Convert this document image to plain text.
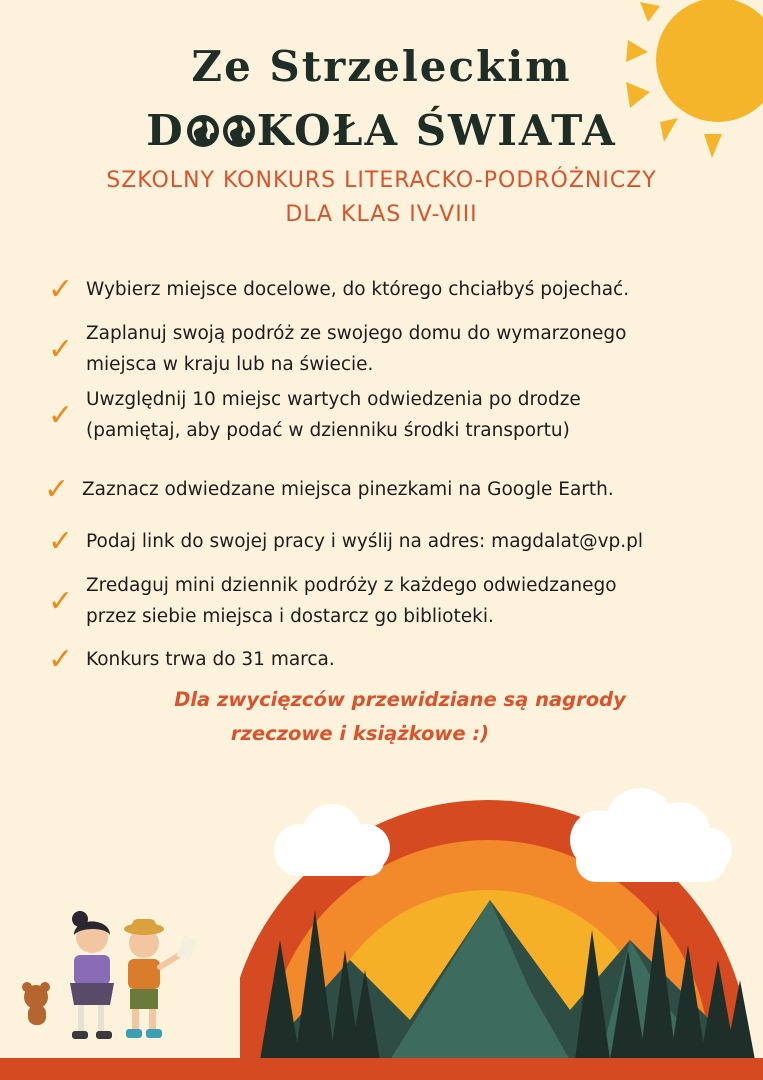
Ze Strzeleckim
D KOŁA ŚWIATA
SZKOLNY KONKURS LITERACKO-PODRÓŻNICZY
DLA KLAS IV-VIII
✓ Wybierz miejsce docelowe, do którego chciałbyś pojechać.
✓ Zaplanuj swoją podróż ze swojego domu do wymarzonego
miejsca w kraju lub na świecie.
✓ Uwzględnij 10 miejsc wartych odwiedzenia po drodze
(pamiętaj, aby podać w dzienniku środki transportu)
✓ Zaznacz odwiedzane miejsca pinezkami na Google Earth.
✓ Podaj link do swojej pracy i wyślij na adres: magdalat@vp.pl
✓ Zredaguj mini dziennik podróży z każdego odwiedzanego
przez siebie miejsca i dostarcz go biblioteki.
✓ Konkurs trwa do 31 marca.
Dla zwycięzców przewidziane są nagrody
rzeczowe i książkowe :)
